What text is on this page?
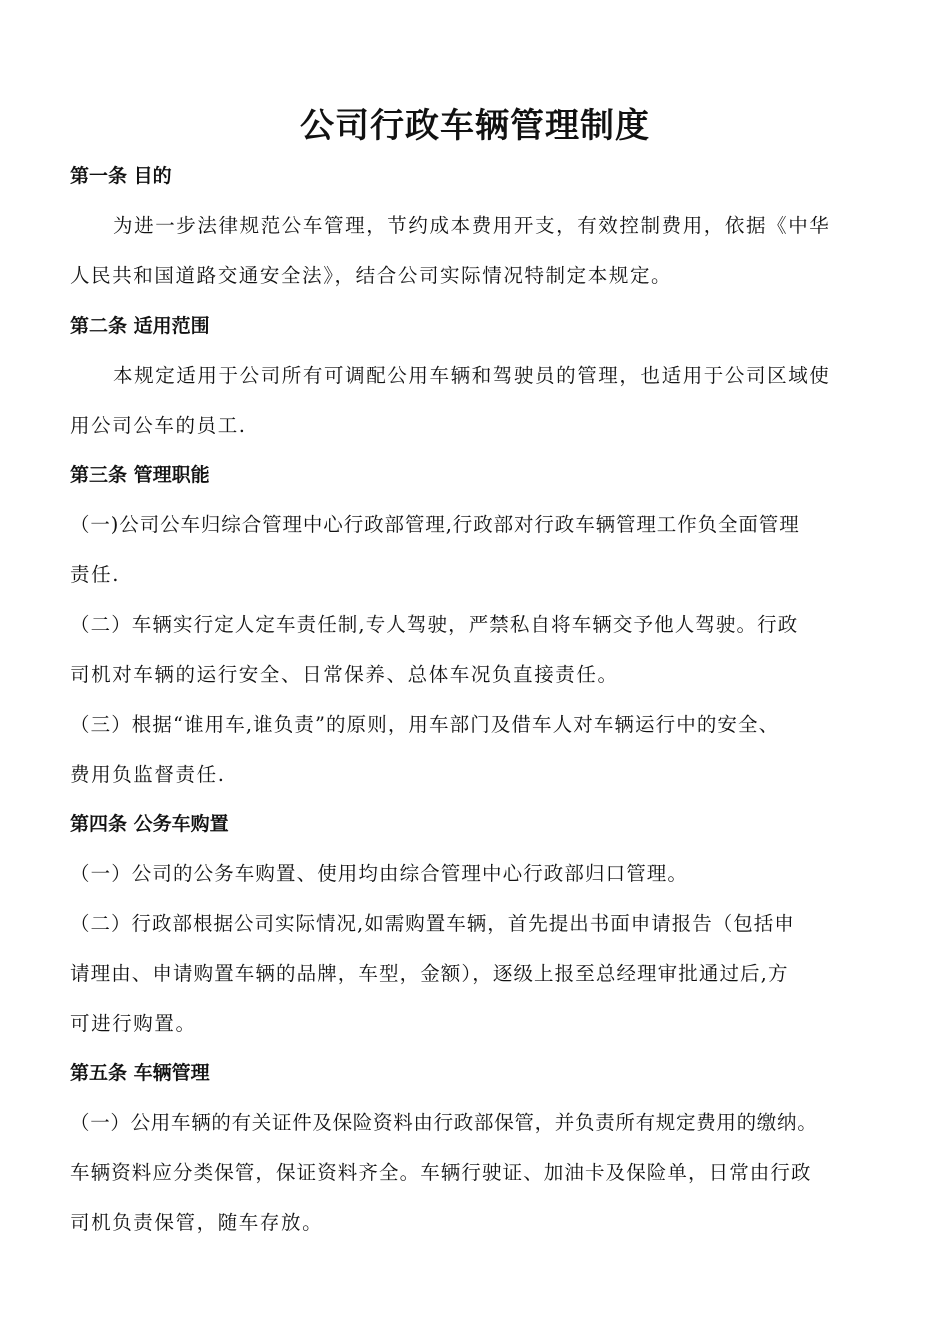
公司行政车辆管理制度
第一条 目的
为进一步法律规范公车管理，节约成本费用开支，有效控制费用，依据《中华
人民共和国道路交通安全法》，结合公司实际情况特制定本规定。
第二条 适用范围
本规定适用于公司所有可调配公用车辆和驾驶员的管理，也适用于公司区域使
用公司公车的员工.
第三条 管理职能
（一)公司公车归综合管理中心行政部管理,行政部对行政车辆管理工作负全面管理
责任.
（二）车辆实行定人定车责任制,专人驾驶，严禁私自将车辆交予他人驾驶。行政
司机对车辆的运行安全、日常保养、总体车况负直接责任。
（三）根据“谁用车,谁负责”的原则，用车部门及借车人对车辆运行中的安全、
费用负监督责任.
第四条 公务车购置
（一）公司的公务车购置、使用均由综合管理中心行政部归口管理。
（二）行政部根据公司实际情况,如需购置车辆，首先提出书面申请报告（包括申
请理由、申请购置车辆的品牌，车型，金额），逐级上报至总经理审批通过后,方
可进行购置。
第五条 车辆管理
（一）公用车辆的有关证件及保险资料由行政部保管，并负责所有规定费用的缴纳。
车辆资料应分类保管，保证资料齐全。车辆行驶证、加油卡及保险单，日常由行政
司机负责保管，随车存放。
